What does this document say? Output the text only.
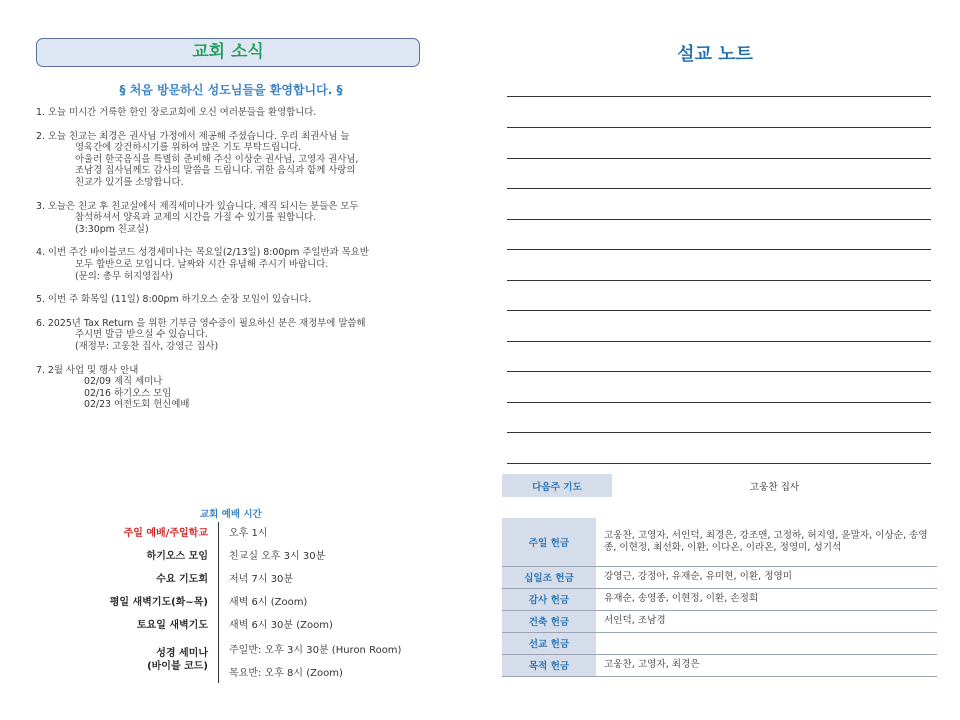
교회 소식
§ 처음 방문하신 성도님들을 환영합니다. §
1. 오늘 미시간 거룩한 한인 장로교회에 오신 여러분들을 환영합니다.
2. 오늘 친교는 최경은 권사님 가정에서 제공해 주셨습니다. 우리 최권사님 늘
영육간에 강건하시기를 위하여 많은 기도 부탁드립니다.
아울러 한국음식을 특별히 준비해 주신 이상순 권사님, 고영자 권사님,
조남경 집사님께도 감사의 말씀을 드립니다. 귀한 음식과 함께 사랑의
친교가 있기를 소망합니다.
3. 오늘은 친교 후 친교실에서 제직세미나가 있습니다. 제직 되시는 분들은 모두
참석하셔서 양육과 교제의 시간을 가질 수 있기를 원합니다.
(3:30pm 친교실)
4. 이번 주간 바이블코드 성경세미나는 목요일(2/13일) 8:00pm 주일반과 목요반
모두 합반으로 모입니다. 날짜와 시간 유념해 주시기 바랍니다.
(문의: 총무 허지영집사)
5. 이번 주 화목일 (11일) 8:00pm 하기오스 순장 모임이 있습니다.
6. 2025년 Tax Return 을 위한 기부금 영수증이 필요하신 분은 재정부에 말씀해
주시면 발급 받으실 수 있습니다.
(재정부: 고웅찬 집사, 강영근 집사)
7. 2월 사업 및 행사 안내
02/09 제직 세미나
02/16 하기오스 모임
02/23 여전도회 헌신예배
교회 예배 시간
주일 예배/주일학교	오후 1시
하기오스 모임	친교실 오후 3시 30분
수요 기도회	저녁 7시 30분
평일 새벽기도(화~목)	새벽 6시 (Zoom)
토요일 새벽기도	새벽 6시 30분 (Zoom)
성경 세미나
(바이블 코드)
주일반: 오후 3시 30분 (Huron Room)
목요반: 오후 8시 (Zoom)
설교 노트
다음주 기도	고웅찬 집사
주일 헌금	고웅찬, 고영자, 서인덕, 최경은, 강조앤, 고정하, 허지영, 윤말자, 이상순, 송영종, 이현정, 최선화, 이환, 이다온, 이라온, 정영미, 성기석
십일조 헌금	강영근, 강정아, 유재순, 유미현, 이환, 정영미
감사 헌금	유재순, 송영종, 이현정, 이환, 손정희
건축 헌금	서인덕, 조남경
선교 헌금	
목적 헌금	고웅찬, 고영자, 최경은
